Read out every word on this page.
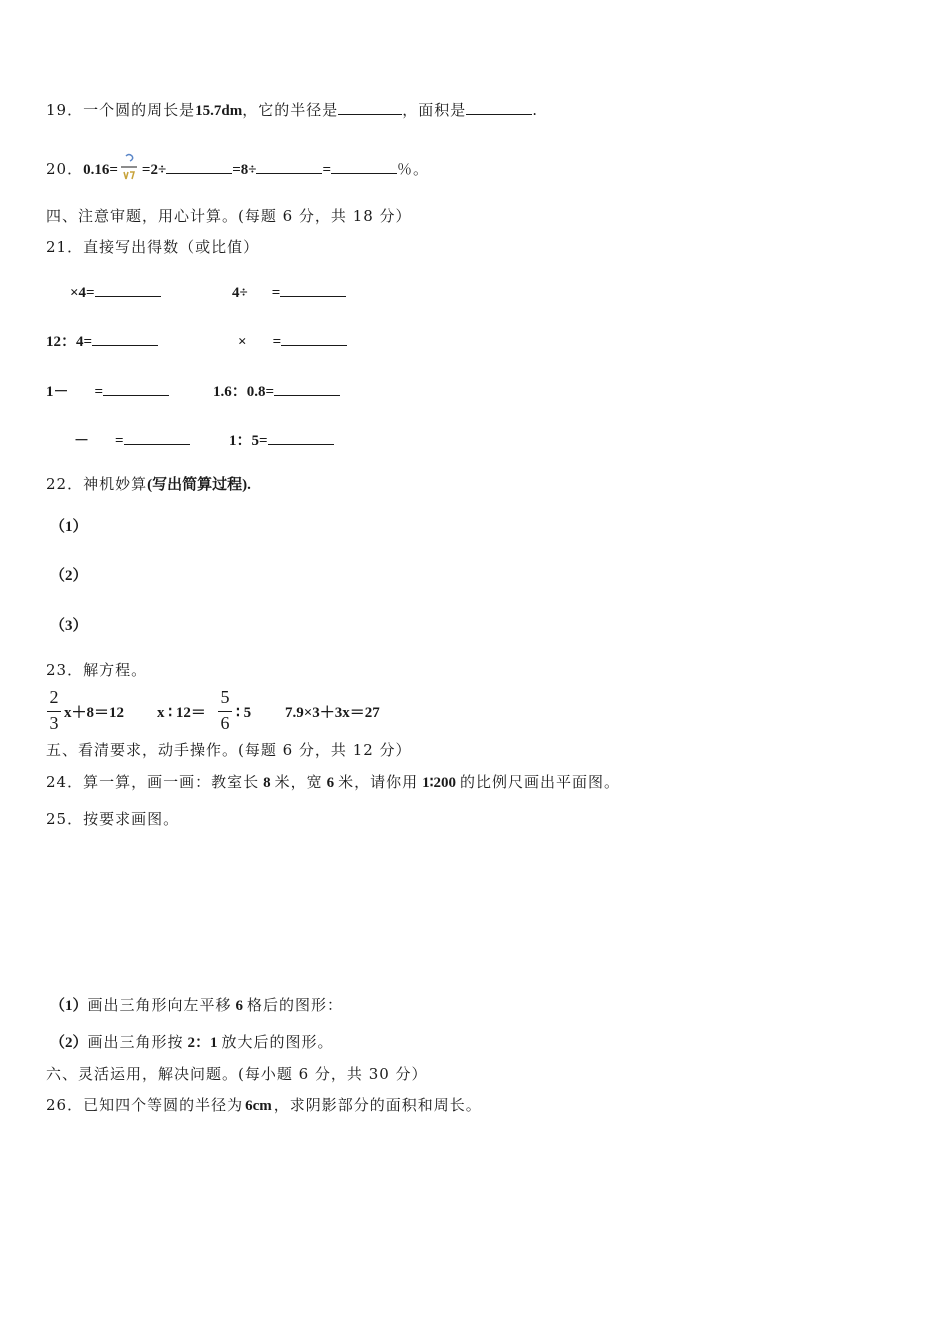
19．一个圆的周长是15.7dm，它的半径是	，面积是	.
20．0.16= =2÷	=8÷	=	％。
四、注意审题，用心计算。(每题 6 分，共 18 分）
21．直接写出得数（或比值）
×4=	4÷ =
12：4=	× =
1－ =	1.6：0.8=
－ =	1：5=
22．神机妙算(写出简算过程).
（1）
（2）
（3）
23．解方程。
2
3 x＋8＝12 x ∶ 12＝
5
6 ∶ 5 7.9×3＋3x＝27
五、看清要求，动手操作。(每题 6 分，共 12 分）
24．算一算，画一画：教室长 8 米，宽 6 米，请你用 1∶200 的比例尺画出平面图。
25．按要求画图。
（1）画出三角形向左平移 6 格后的图形：
（2）画出三角形按 2：1 放大后的图形。
六、灵活运用，解决问题。(每小题 6 分，共 30 分）
26．已知四个等圆的半径为 6cm ，求阴影部分的面积和周长。
